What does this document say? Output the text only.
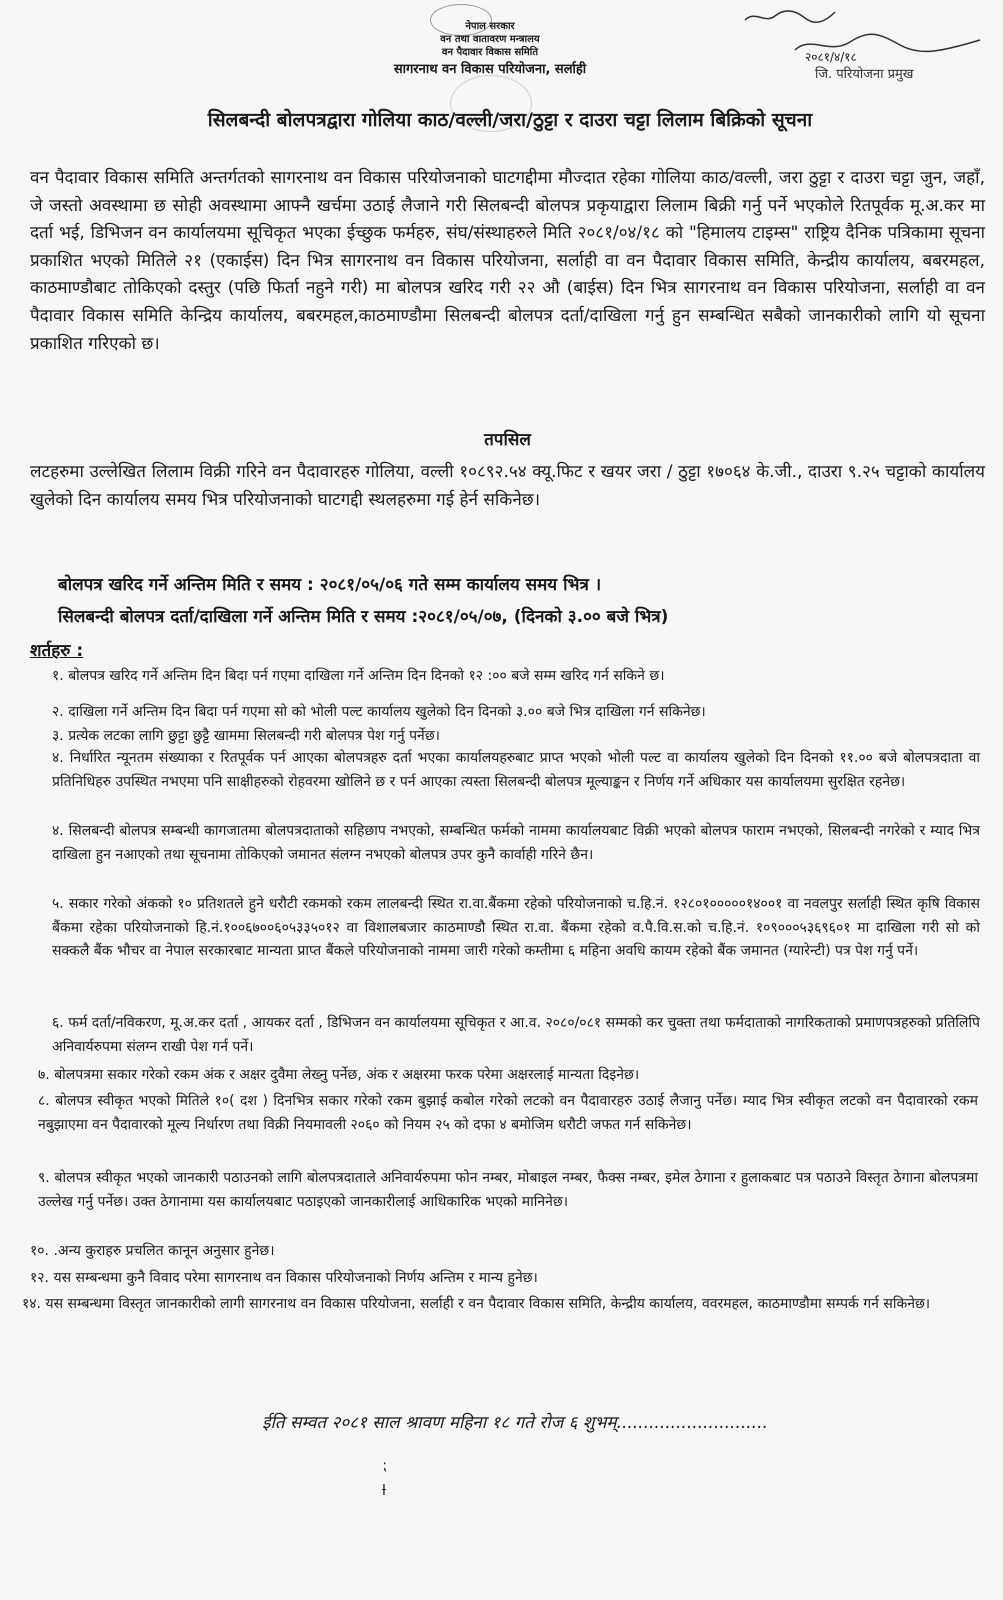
नेपाल सरकार
वन तथा वातावरण मन्त्रालय
वन पैदावार विकास समिति
सागरनाथ वन विकास परियोजना, सर्लाही
२०८१/४/१८
जि. परियोजना प्रमुख
सिलबन्दी बोलपत्रद्वारा गोलिया काठ/वल्ली/जरा/ठुट्टा र दाउरा चट्टा लिलाम बिक्रिको सूचना
वन पैदावार विकास समिति अन्तर्गतको सागरनाथ वन विकास परियोजनाको घाटगद्दीमा मौज्दात रहेका गोलिया काठ/वल्ली, जरा ठुट्टा र दाउरा चट्टा जुन, जहाँ, जे जस्तो अवस्थामा छ सोही अवस्थामा आफ्नै खर्चमा उठाई लैजाने गरी सिलबन्दी बोलपत्र प्रकृयाद्वारा लिलाम बिक्री गर्नु पर्ने भएकोले रितपूर्वक मू.अ.कर मा दर्ता भई, डिभिजन वन कार्यालयमा सूचिकृत भएका ईच्छुक फर्महरु, संघ/संस्थाहरुले मिति २०८१/०४/१८ को "हिमालय टाइम्स" राष्ट्रिय दैनिक पत्रिकामा सूचना प्रकाशित भएको मितिले २१ (एकाईस) दिन भित्र सागरनाथ वन विकास परियोजना, सर्लाही वा वन पैदावार विकास समिति, केन्द्रीय कार्यालय, बबरमहल, काठमाण्डौबाट तोकिएको दस्तुर (पछि फिर्ता नहुने गरी) मा बोलपत्र खरिद गरी २२ औ (बाईस) दिन भित्र सागरनाथ वन विकास परियोजना, सर्लाही वा वन पैदावार विकास समिति केन्द्रिय कार्यालय, बबरमहल,काठमाण्डौमा सिलबन्दी बोलपत्र दर्ता/दाखिला गर्नु हुन सम्बन्धित सबैको जानकारीको लागि यो सूचना प्रकाशित गरिएको छ।
तपसिल
लटहरुमा उल्लेखित लिलाम विक्री गरिने वन पैदावारहरु गोलिया, वल्ली १०८९२.५४ क्यू.फिट र खयर जरा / ठुट्टा १७०६४ के.जी., दाउरा ९.२५ चट्टाको कार्यालय खुलेको दिन कार्यालय समय भित्र परियोजनाको घाटगद्दी स्थलहरुमा गई हेर्न सकिनेछ।
बोलपत्र खरिद गर्ने अन्तिम मिति र समय : २०८१/०५/०६ गते सम्म कार्यालय समय भित्र ।
सिलबन्दी बोलपत्र दर्ता/दाखिला गर्ने अन्तिम मिति र समय :२०८१/०५/०७, (दिनको ३.०० बजे भित्र)
शर्तहरु :
१. बोलपत्र खरिद गर्ने अन्तिम दिन बिदा पर्न गएमा दाखिला गर्ने अन्तिम दिन दिनको १२ :०० बजे सम्म खरिद गर्न सकिने छ।
२. दाखिला गर्ने अन्तिम दिन बिदा पर्न गएमा सो को भोली पल्ट कार्यालय खुलेको दिन दिनको ३.०० बजे भित्र दाखिला गर्न सकिनेछ।
३. प्रत्येक लटका लागि छुट्टा छुट्टै खाममा सिलबन्दी गरी बोलपत्र पेश गर्नु पर्नेछ।
४. निर्धारित न्यूनतम संख्याका र रितपूर्वक पर्न आएका बोलपत्रहरु दर्ता भएका कार्यालयहरुबाट प्राप्त भएको भोली पल्ट वा कार्यालय खुलेको दिन दिनको ११.०० बजे बोलपत्रदाता वा प्रतिनिधिहरु उपस्थित नभएमा पनि साक्षीहरुको रोहवरमा खोलिने छ र पर्न आएका त्यस्ता सिलबन्दी बोलपत्र मूल्याङ्कन र निर्णय गर्ने अधिकार यस कार्यालयमा सुरक्षित रहनेछ।
४. सिलबन्दी बोलपत्र सम्बन्धी कागजातमा बोलपत्रदाताको सहिछाप नभएको, सम्बन्धित फर्मको नाममा कार्यालयबाट विक्री भएको बोलपत्र फाराम नभएको, सिलबन्दी नगरेको र म्याद भित्र दाखिला हुन नआएको तथा सूचनामा तोकिएको जमानत संलग्न नभएको बोलपत्र उपर कुनै कार्वाही गरिने छैन।
५. सकार गरेको अंकको १० प्रतिशतले हुने धरौटी रकमको रकम लालबन्दी स्थित रा.वा.बैंकमा रहेको परियोजनाको च.हि.नं. १२८०१०००००१४००१ वा नवलपुर सर्लाही स्थित कृषि विकास बैंकमा रहेका परियोजनाको हि.नं.१००६७००६०५३३५०१२ वा विशालबजार काठमाण्डौ स्थित रा.वा. बैंकमा रहेको व.पै.वि.स.को च.हि.नं. १०९०००५३६९६०१ मा दाखिला गरी सो को सक्कलै बैंक भौचर वा नेपाल सरकारबाट मान्यता प्राप्त बैंकले परियोजनाको नाममा जारी गरेको कम्तीमा ६ महिना अवधि कायम रहेको बैंक जमानत (ग्यारेन्टी) पत्र पेश गर्नु पर्ने।
६. फर्म दर्ता/नविकरण, मू.अ.कर दर्ता , आयकर दर्ता , डिभिजन वन कार्यालयमा सूचिकृत र आ.व. २०८०/०८१ सम्मको कर चुक्ता तथा फर्मदाताको नागरिकताको प्रमाणपत्रहरुको प्रतिलिपि अनिवार्यरुपमा संलग्न राखी पेश गर्न पर्ने।
७. बोलपत्रमा सकार गरेको रकम अंक र अक्षर दुवैमा लेख्नु पर्नेछ, अंक र अक्षरमा फरक परेमा अक्षरलाई मान्यता दिइनेछ।
८. बोलपत्र स्वीकृत भएको मितिले १०( दश ) दिनभित्र सकार गरेको रकम बुझाई कबोल गरेको लटको वन पैदावारहरु उठाई लैजानु पर्नेछ। म्याद भित्र स्वीकृत लटको वन पैदावारको रकम नबुझाएमा वन पैदावारको मूल्य निर्धारण तथा विक्री नियमावली २०६० को नियम २५ को दफा ४ बमोजिम धरौटी जफत गर्न सकिनेछ।
९. बोलपत्र स्वीकृत भएको जानकारी पठाउनको लागि बोलपत्रदाताले अनिवार्यरुपमा फोन नम्बर, मोबाइल नम्बर, फैक्स नम्बर, इमेल ठेगाना र हुलाकबाट पत्र पठाउने विस्तृत ठेगाना बोलपत्रमा उल्लेख गर्नु पर्नेछ। उक्त ठेगानामा यस कार्यालयबाट पठाइएको जानकारीलाई आधिकारिक भएको मानिनेछ।
१०. .अन्य कुराहरु प्रचलित कानून अनुसार हुनेछ।
१२. यस सम्बन्धमा कुनै विवाद परेमा सागरनाथ वन विकास परियोजनाको निर्णय अन्तिम र मान्य हुनेछ।
१४. यस सम्बन्धमा विस्तृत जानकारीको लागी सागरनाथ वन विकास परियोजना, सर्लाही र वन पैदावार विकास समिति, केन्द्रीय कार्यालय, ववरमहल, काठमाण्डौमा सम्पर्क गर्न सकिनेछ।
ईति सम्वत २०८१ साल श्रावण महिना १८ गते रोज ६ शुभम्............................
⁏
ƚ
